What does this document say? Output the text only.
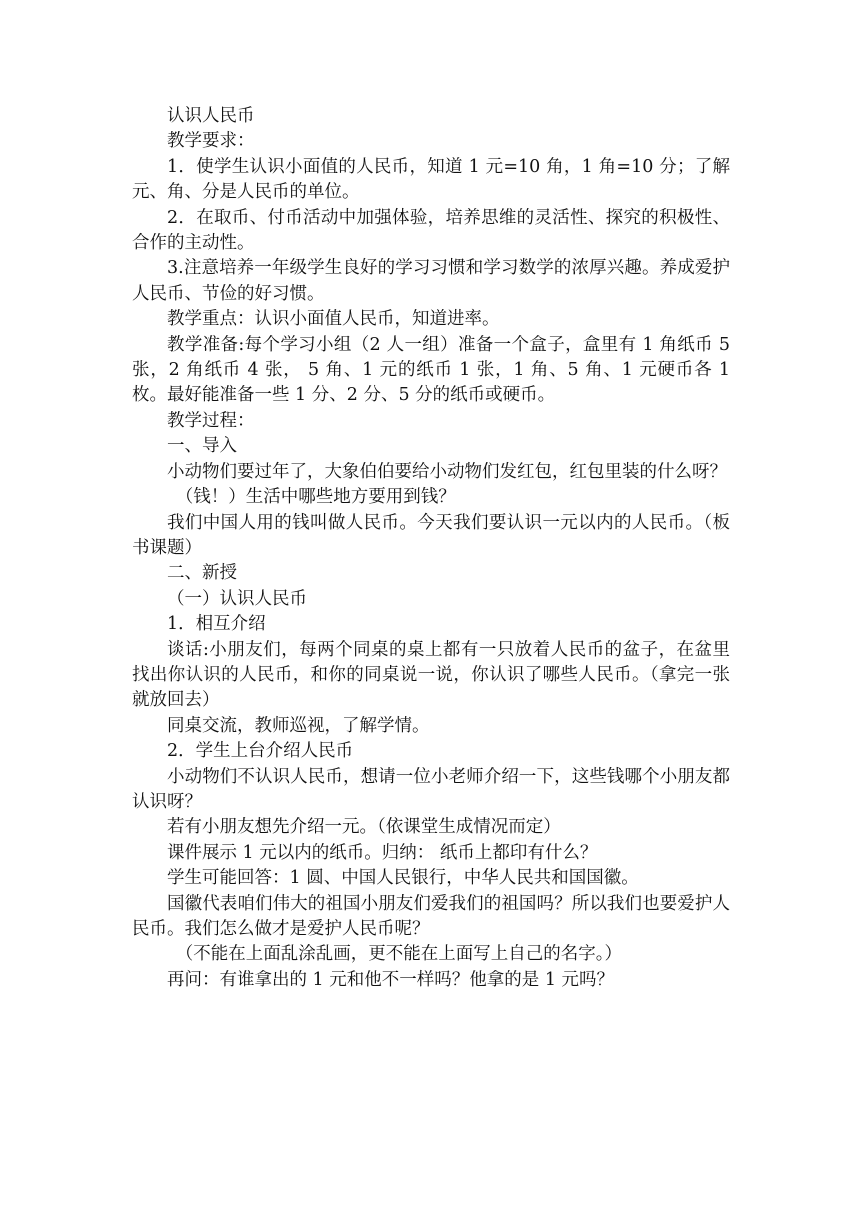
认识人民币

教学要求：

1．使学生认识小面值的人民币，知道 1 元=10 角，1 角=10 分；了解元、角、分是人民币的单位。

2．在取币、付币活动中加强体验，培养思维的灵活性、探究的积极性、合作的主动性。

3.注意培养一年级学生良好的学习习惯和学习数学的浓厚兴趣。养成爱护人民币、节俭的好习惯。

教学重点：认识小面值人民币，知道进率。

教学准备:每个学习小组（2 人一组）准备一个盒子，盒里有 1 角纸币 5 张，2 角纸币 4 张， 5 角、1 元的纸币 1 张，1 角、5 角、1 元硬币各 1 枚。最好能准备一些 1 分、2 分、5 分的纸币或硬币。

教学过程：

一、导入

小动物们要过年了，大象伯伯要给小动物们发红包，红包里装的什么呀？

（钱！）生活中哪些地方要用到钱？

我们中国人用的钱叫做人民币。今天我们要认识一元以内的人民币。（板书课题）

二、新授

（一）认识人民币

1．相互介绍

谈话:小朋友们，每两个同桌的桌上都有一只放着人民币的盆子，在盆里找出你认识的人民币，和你的同桌说一说，你认识了哪些人民币。（拿完一张就放回去）

同桌交流，教师巡视，了解学情。

2．学生上台介绍人民币

小动物们不认识人民币，想请一位小老师介绍一下，这些钱哪个小朋友都认识呀？

若有小朋友想先介绍一元。（依课堂生成情况而定）

课件展示 1 元以内的纸币。归纳： 纸币上都印有什么？

学生可能回答：1 圆、中国人民银行，中华人民共和国国徽。

国徽代表咱们伟大的祖国小朋友们爱我们的祖国吗？所以我们也要爱护人民币。我们怎么做才是爱护人民币呢？

（不能在上面乱涂乱画，更不能在上面写上自己的名字。）

再问：有谁拿出的 1 元和他不一样吗？他拿的是 1 元吗？
